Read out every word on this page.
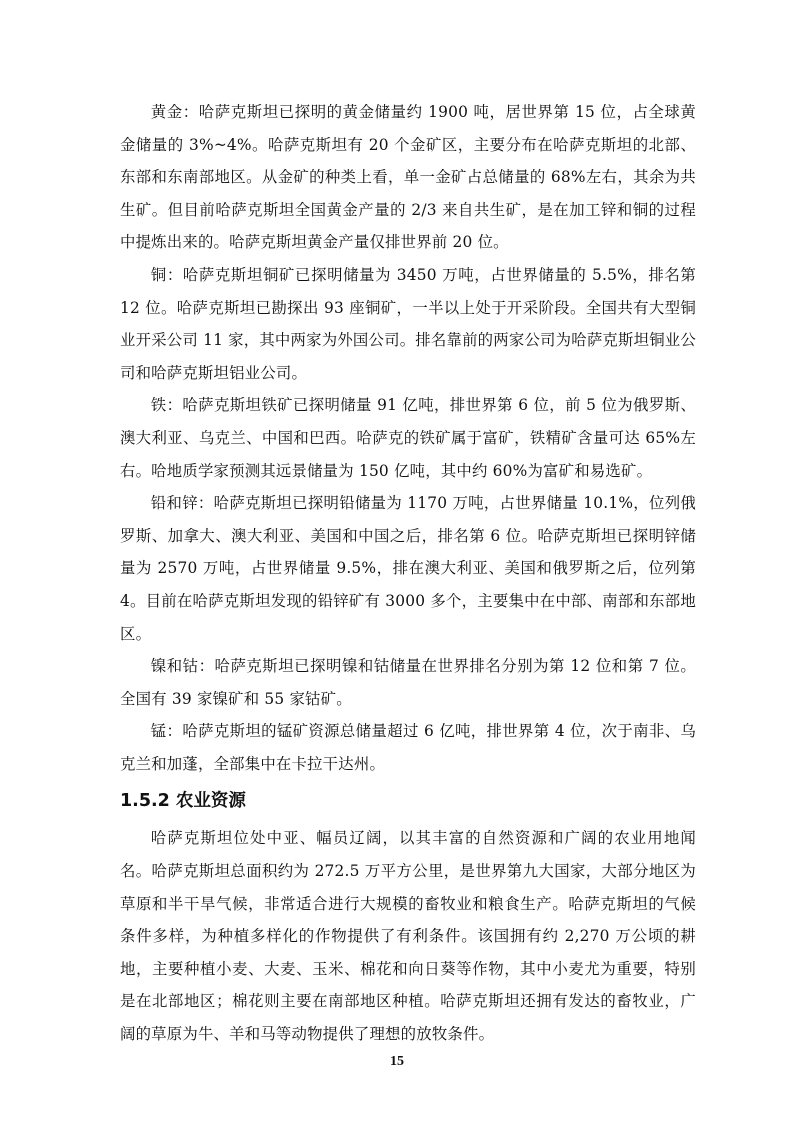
黄金：哈萨克斯坦已探明的黄金储量约 1900 吨，居世界第 15 位，占全球黄金储量的 3%~4%。哈萨克斯坦有 20 个金矿区，主要分布在哈萨克斯坦的北部、东部和东南部地区。从金矿的种类上看，单一金矿占总储量的 68%左右，其余为共生矿。但目前哈萨克斯坦全国黄金产量的 2/3 来自共生矿，是在加工锌和铜的过程中提炼出来的。哈萨克斯坦黄金产量仅排世界前 20 位。

铜：哈萨克斯坦铜矿已探明储量为 3450 万吨，占世界储量的 5.5%，排名第 12 位。哈萨克斯坦已勘探出 93 座铜矿，一半以上处于开采阶段。全国共有大型铜业开采公司 11 家，其中两家为外国公司。排名靠前的两家公司为哈萨克斯坦铜业公司和哈萨克斯坦铝业公司。

铁：哈萨克斯坦铁矿已探明储量 91 亿吨，排世界第 6 位，前 5 位为俄罗斯、澳大利亚、乌克兰、中国和巴西。哈萨克的铁矿属于富矿，铁精矿含量可达 65%左右。哈地质学家预测其远景储量为 150 亿吨，其中约 60%为富矿和易选矿。

铅和锌：哈萨克斯坦已探明铅储量为 1170 万吨，占世界储量 10.1%，位列俄罗斯、加拿大、澳大利亚、美国和中国之后，排名第 6 位。哈萨克斯坦已探明锌储量为 2570 万吨，占世界储量 9.5%，排在澳大利亚、美国和俄罗斯之后，位列第 4。目前在哈萨克斯坦发现的铅锌矿有 3000 多个，主要集中在中部、南部和东部地区。

镍和钴：哈萨克斯坦已探明镍和钴储量在世界排名分别为第 12 位和第 7 位。全国有 39 家镍矿和 55 家钴矿。

锰：哈萨克斯坦的锰矿资源总储量超过 6 亿吨，排世界第 4 位，次于南非、乌克兰和加蓬，全部集中在卡拉干达州。

1.5.2 农业资源

哈萨克斯坦位处中亚、幅员辽阔，以其丰富的自然资源和广阔的农业用地闻名。哈萨克斯坦总面积约为 272.5 万平方公里，是世界第九大国家，大部分地区为草原和半干旱气候，非常适合进行大规模的畜牧业和粮食生产。哈萨克斯坦的气候条件多样，为种植多样化的作物提供了有利条件。该国拥有约 2,270 万公顷的耕地，主要种植小麦、大麦、玉米、棉花和向日葵等作物，其中小麦尤为重要，特别是在北部地区；棉花则主要在南部地区种植。哈萨克斯坦还拥有发达的畜牧业，广阔的草原为牛、羊和马等动物提供了理想的放牧条件。

15
